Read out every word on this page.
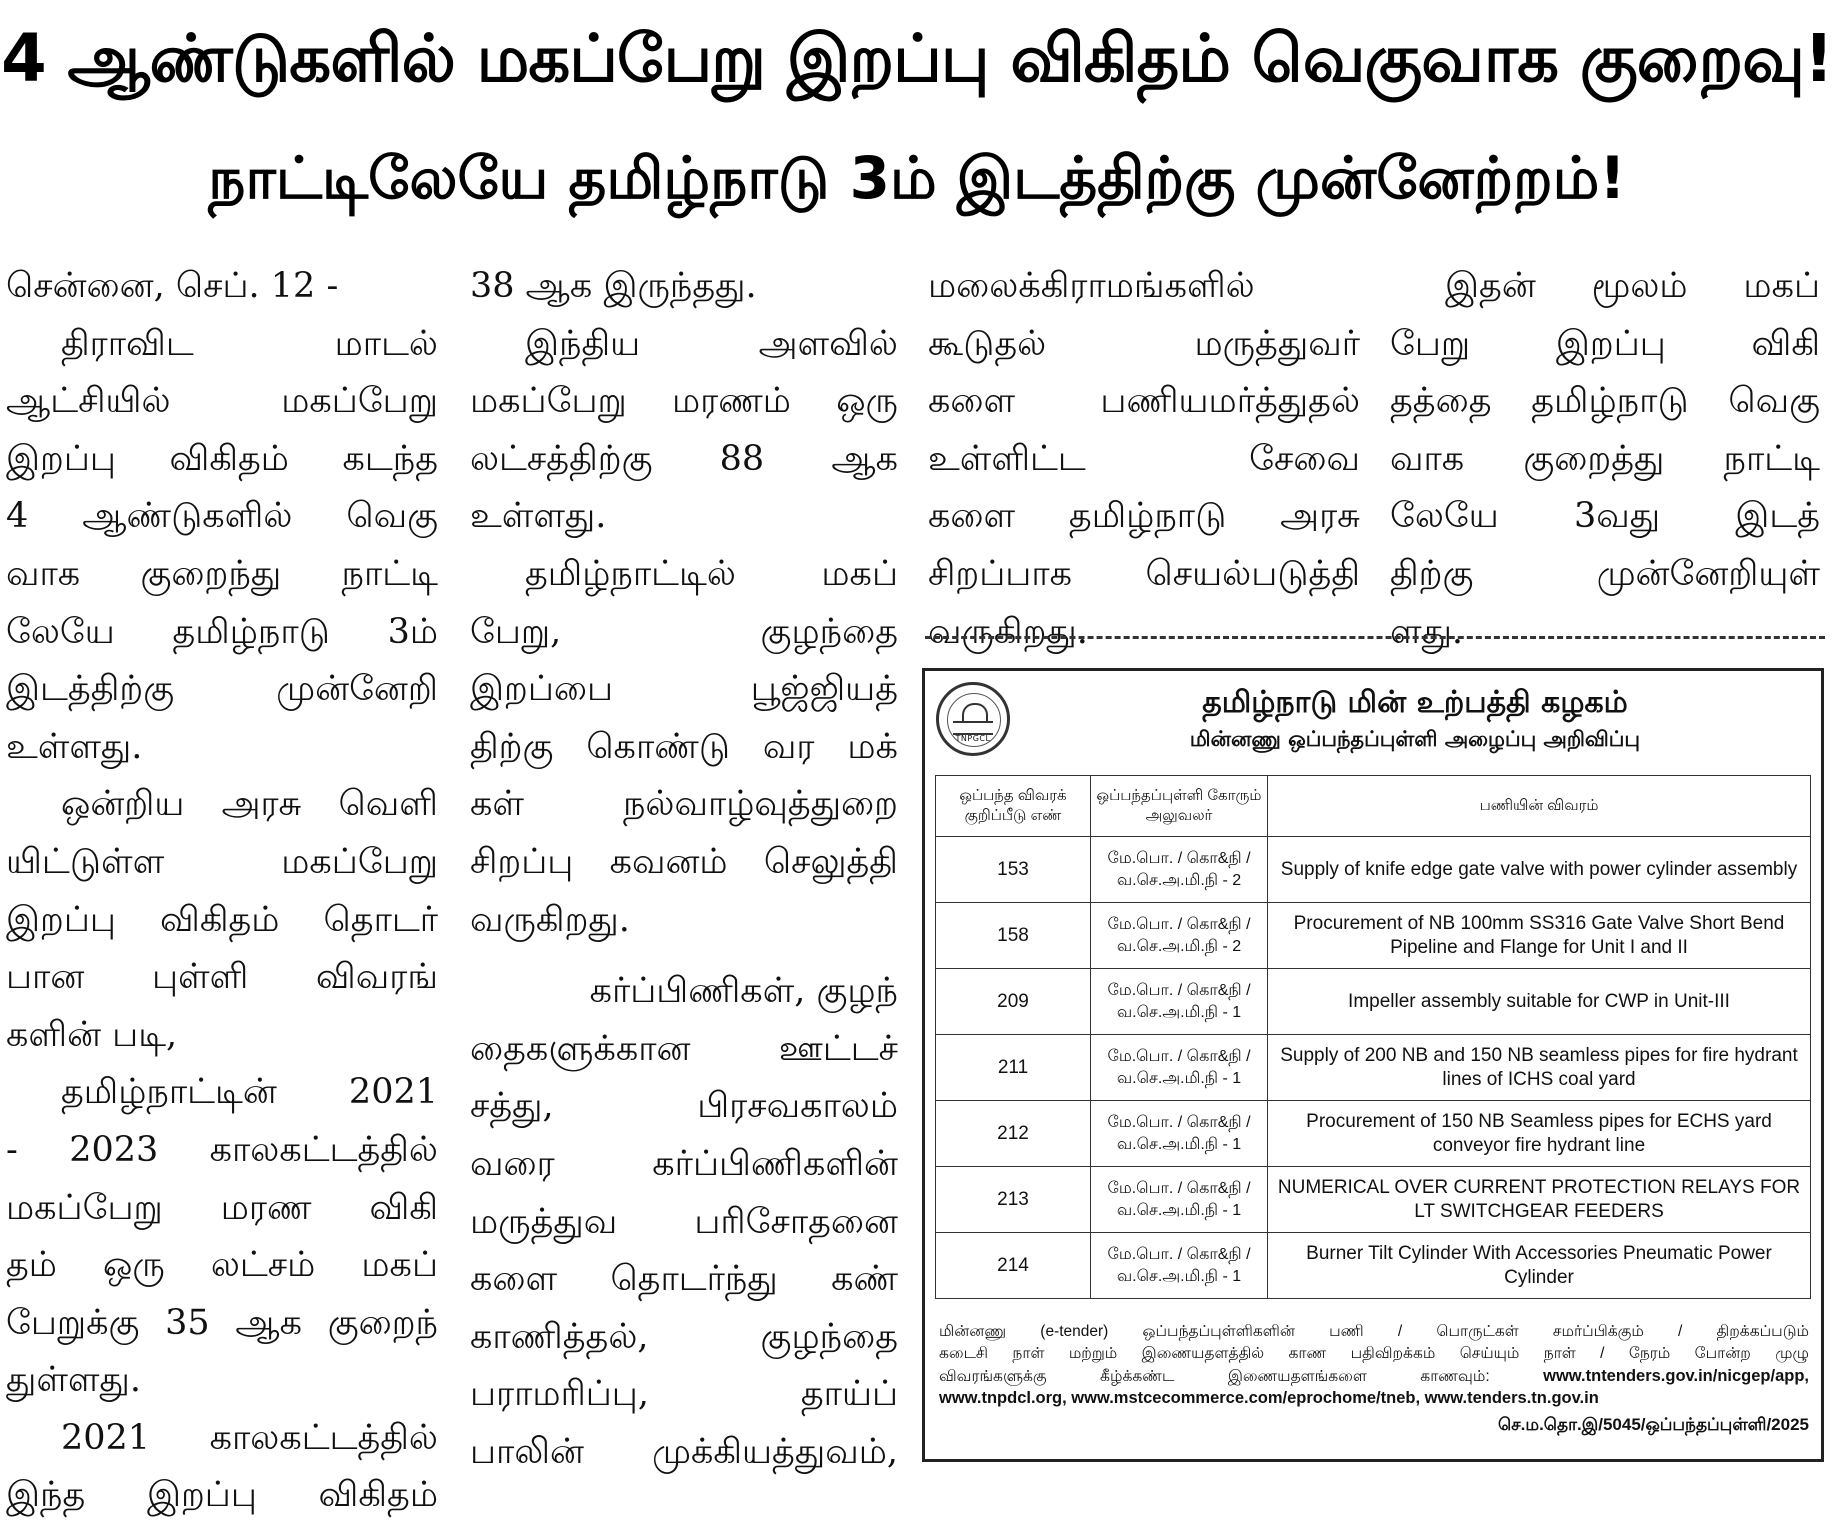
4 ஆண்டுகளில் மகப்பேறு இறப்பு விகிதம் வெகுவாக குறைவு!
நாட்டிலேயே தமிழ்நாடு 3ம் இடத்திற்கு முன்னேற்றம்!
சென்னை, செப். 12 -
திராவிட மாடல்
ஆட்சியில் மகப்பேறு
இறப்பு விகிதம் கடந்த
4 ஆண்டுகளில் வெகு
வாக குறைந்து நாட்டி
லேயே தமிழ்நாடு 3ம்
இடத்திற்கு முன்னேறி
உள்ளது.
ஒன்றிய அரசு வெளி
யிட்டுள்ள மகப்பேறு
இறப்பு விகிதம் தொடர்
பான புள்ளி விவரங்
களின் படி,
தமிழ்நாட்டின் 2021
- 2023 காலகட்டத்தில்
மகப்பேறு மரண விகி
தம் ஒரு லட்சம் மகப்
பேறுக்கு 35 ஆக குறைந்
துள்ளது.
2021 காலகட்டத்தில்
இந்த இறப்பு விகிதம்
38 ஆக இருந்தது.
இந்திய அளவில்
மகப்பேறு மரணம் ஒரு
லட்சத்திற்கு 88 ஆக
உள்ளது.
தமிழ்நாட்டில் மகப்
பேறு, குழந்தை
இறப்பை பூஜ்ஜியத்
திற்கு கொண்டு வர மக்
கள் நல்வாழ்வுத்துறை
சிறப்பு கவனம் செலுத்தி
வருகிறது.
கர்ப்பிணிகள், குழந்
தைகளுக்கான ஊட்டச்
சத்து, பிரசவகாலம்
வரை கர்ப்பிணிகளின்
மருத்துவ பரிசோதனை
களை தொடர்ந்து கண்
காணித்தல், குழந்தை
பராமரிப்பு, தாய்ப்
பாலின் முக்கியத்துவம்,
மலைக்கிராமங்களில்
கூடுதல் மருத்துவர்
களை பணியமர்த்துதல்
உள்ளிட்ட சேவை
களை தமிழ்நாடு அரசு
சிறப்பாக செயல்படுத்தி
வருகிறது.
இதன் மூலம் மகப்
பேறு இறப்பு விகி
தத்தை தமிழ்நாடு வெகு
வாக குறைத்து நாட்டி
லேயே 3வது இடத்
திற்கு முன்னேறியுள்
ளது.
TNPGCL
தமிழ்நாடு மின் உற்பத்தி கழகம்
மின்னணு ஒப்பந்தப்புள்ளி அழைப்பு அறிவிப்பு
ஒப்பந்த விவரக் குறிப்பீடு எண்	ஒப்பந்தப்புள்ளி கோரும் அலுவலர்	பணியின் விவரம்
153	மே.பொ. / கொ&நி /
வ.செ.அ.மி.நி - 2	Supply of knife edge gate valve with power cylinder assembly
158	மே.பொ. / கொ&நி /
வ.செ.அ.மி.நி - 2	Procurement of NB 100mm SS316 Gate Valve Short Bend Pipeline and Flange for Unit I and II
209	மே.பொ. / கொ&நி /
வ.செ.அ.மி.நி - 1	Impeller assembly suitable for CWP in Unit-III
211	மே.பொ. / கொ&நி /
வ.செ.அ.மி.நி - 1	Supply of 200 NB and 150 NB seamless pipes for fire hydrant lines of ICHS coal yard
212	மே.பொ. / கொ&நி /
வ.செ.அ.மி.நி - 1	Procurement of 150 NB Seamless pipes for ECHS yard conveyor fire hydrant line
213	மே.பொ. / கொ&நி /
வ.செ.அ.மி.நி - 1	NUMERICAL OVER CURRENT PROTECTION RELAYS FOR LT SWITCHGEAR FEEDERS
214	மே.பொ. / கொ&நி /
வ.செ.அ.மி.நி - 1	Burner Tilt Cylinder With Accessories Pneumatic Power Cylinder
மின்னணு (e-tender) ஒப்பந்தப்புள்ளிகளின் பணி / பொருட்கள் சமர்ப்பிக்கும் / திறக்கப்படும்
கடைசி நாள் மற்றும் இணையதளத்தில் காண பதிவிறக்கம் செய்யும் நாள் / நேரம் போன்ற முழு
விவரங்களுக்கு கீழ்க்கண்ட இணையதளங்களை காணவும்: www.tntenders.gov.in/nicgep/app,
www.tnpdcl.org, www.mstcecommerce.com/eprochome/tneb, www.tenders.tn.gov.in
செ.ம.தொ.இ/5045/ஒப்பந்தப்புள்ளி/2025
